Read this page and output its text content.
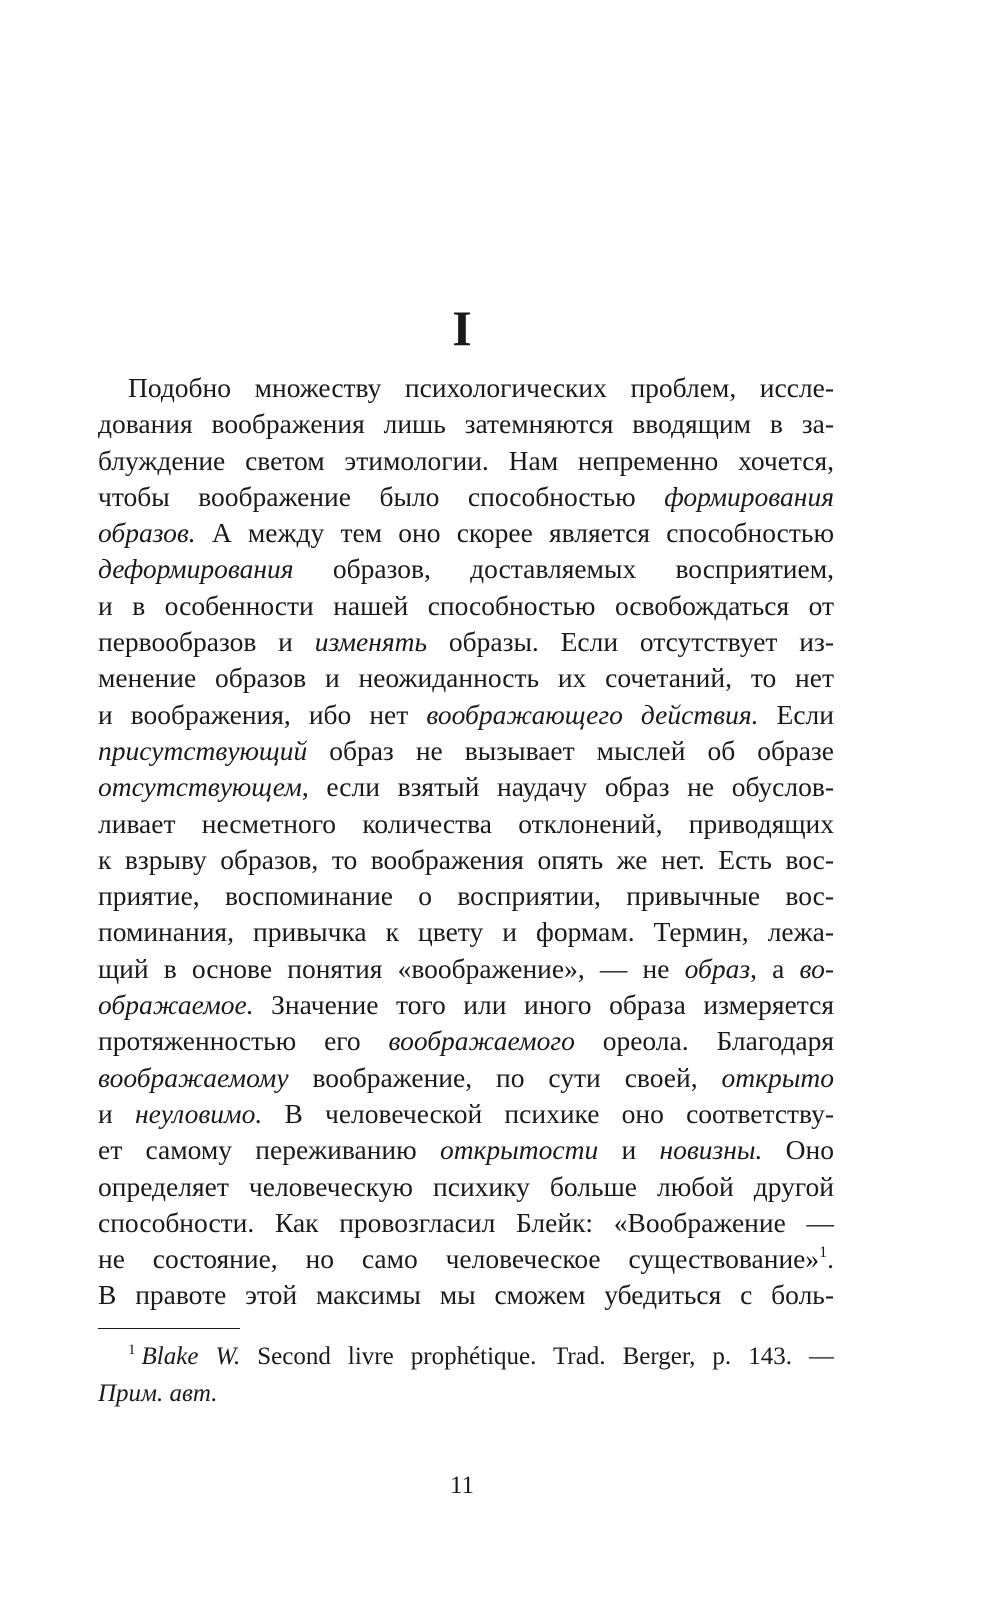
I
Подобно множеству психологических проблем, иссле-
дования воображения лишь затемняются вводящим в за-
блуждение светом этимологии. Нам непременно хочется,
чтобы воображение было способностью формирования
образов. А между тем оно скорее является способностью
деформирования образов, доставляемых восприятием,
и в особенности нашей способностью освобождаться от
первообразов и изменять образы. Если отсутствует из-
менение образов и неожиданность их сочетаний, то нет
и воображения, ибо нет воображающего действия. Если
присутствующий образ не вызывает мыслей об образе
отсутствующем, если взятый наудачу образ не обуслов-
ливает несметного количества отклонений, приводящих
к взрыву образов, то воображения опять же нет. Есть вос-
приятие, воспоминание о восприятии, привычные вос-
поминания, привычка к цвету и формам. Термин, лежа-
щий в основе понятия «воображение», — не образ, а во-
ображаемое. Значение того или иного образа измеряется
протяженностью его воображаемого ореола. Благодаря
воображаемому воображение, по сути своей, открыто
и неуловимо. В человеческой психике оно соответству-
ет самому переживанию открытости и новизны. Оно
определяет человеческую психику больше любой другой
способности. Как провозгласил Блейк: «Воображение —
не состояние, но само человеческое существование»$^1$.
В правоте этой максимы мы сможем убедиться с боль-
$^1$ Blake W. Second livre prophétique. Trad. Berger, p. 143. —
Прим. авт.
11
